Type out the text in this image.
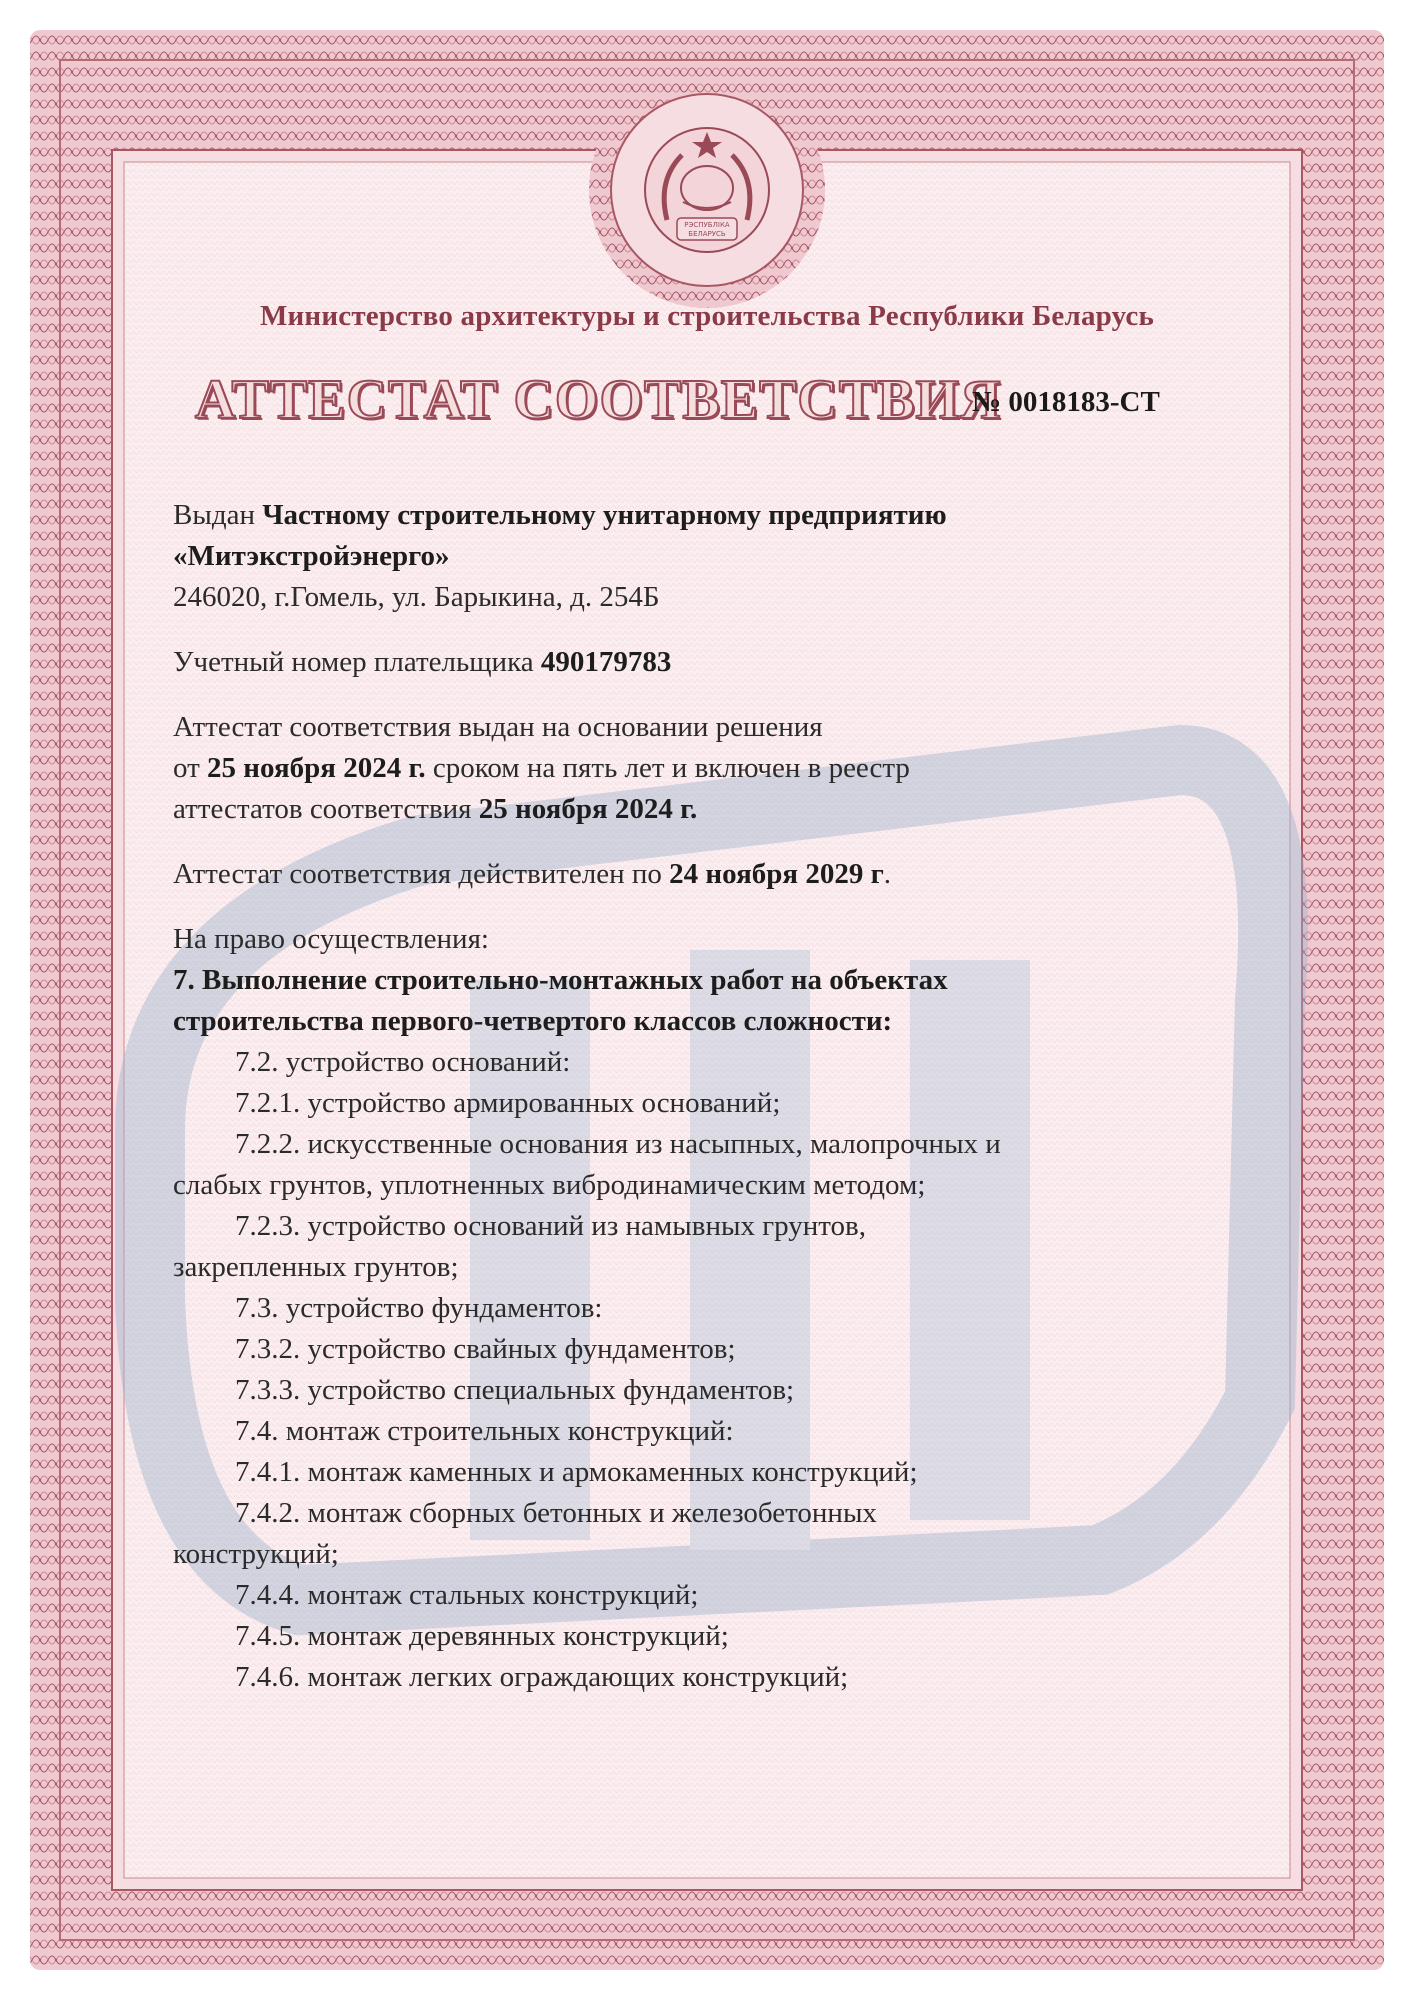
РЭСПУБЛІКА
БЕЛАРУСЬ
Министерство архитектуры и строительства Республики Беларусь
АТТЕСТАТ СООТВЕТСТВИЯ
№ 0018183-СТ

Выдан Частному строительному унитарному предприятию

«Митэкстройэнерго»

246020, г.Гомель, ул. Барыкина, д. 254Б

Учетный номер плательщика 490179783

Аттестат соответствия выдан на основании решения

от 25 ноября 2024 г. сроком на пять лет и включен в реестр

аттестатов соответствия 25 ноября 2024 г.

Аттестат соответствия действителен по 24 ноября 2029 г.

На право осуществления:

7. Выполнение строительно-монтажных работ на объектах

строительства первого-четвертого классов сложности:

7.2. устройство оснований:

7.2.1. устройство армированных оснований;

7.2.2. искусственные основания из насыпных, малопрочных и

слабых грунтов, уплотненных вибродинамическим методом;

7.2.3. устройство оснований из намывных грунтов,

закрепленных грунтов;

7.3. устройство фундаментов:

7.3.2. устройство свайных фундаментов;

7.3.3. устройство специальных фундаментов;

7.4. монтаж строительных конструкций:

7.4.1. монтаж каменных и армокаменных конструкций;

7.4.2. монтаж сборных бетонных и железобетонных

конструкций;

7.4.4. монтаж стальных конструкций;

7.4.5. монтаж деревянных конструкций;

7.4.6. монтаж легких ограждающих конструкций;
